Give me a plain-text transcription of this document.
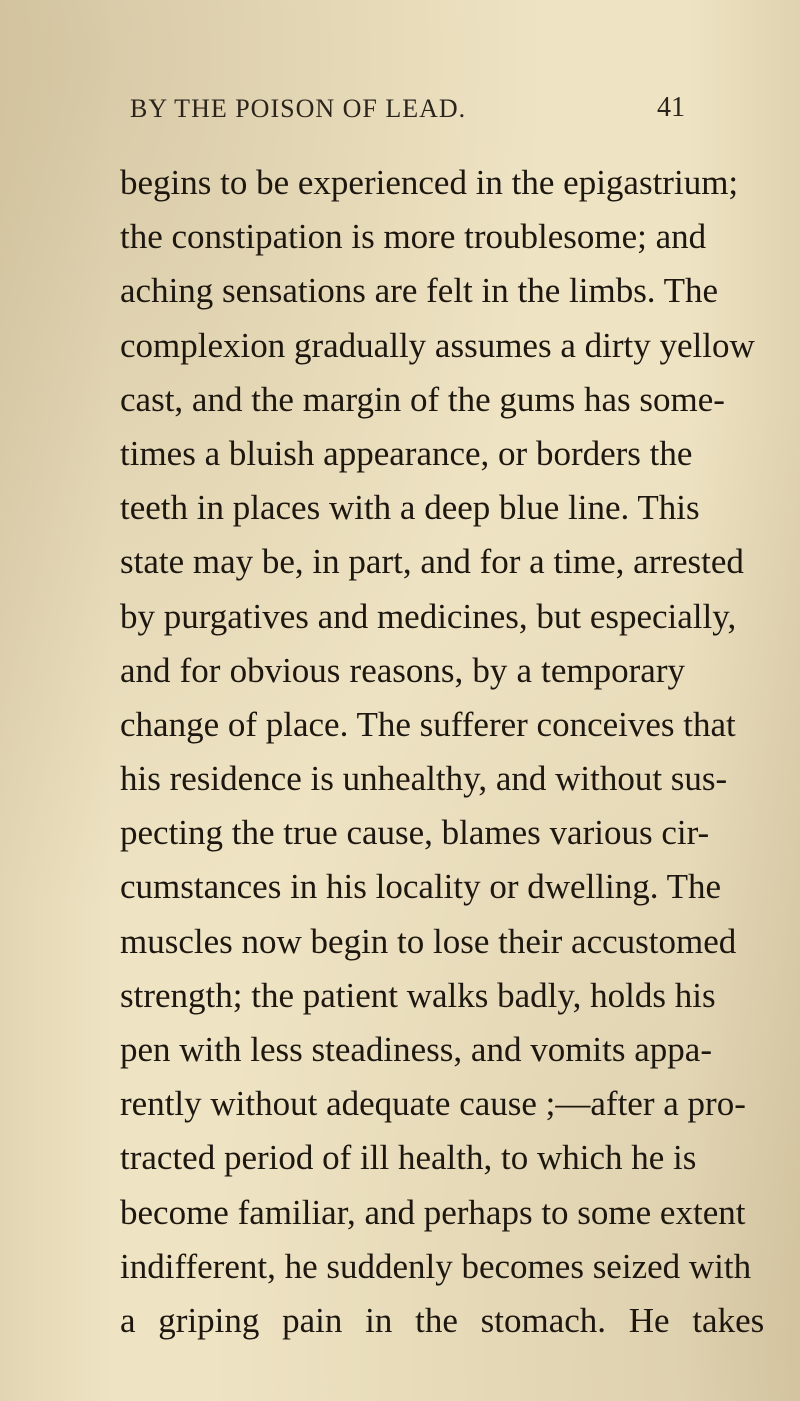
BY THE POISON OF LEAD.	41
begins to be experienced in the epigastrium;
the constipation is more troublesome; and
aching sensations are felt in the limbs. The
complexion gradually assumes a dirty yellow
cast, and the margin of the gums has some-
times a bluish appearance, or borders the
teeth in places with a deep blue line. This
state may be, in part, and for a time, arrested
by purgatives and medicines, but especially,
and for obvious reasons, by a temporary
change of place. The sufferer conceives that
his residence is unhealthy, and without sus-
pecting the true cause, blames various cir-
cumstances in his locality or dwelling. The
muscles now begin to lose their accustomed
strength; the patient walks badly, holds his
pen with less steadiness, and vomits appa-
rently without adequate cause ;—after a pro-
tracted period of ill health, to which he is
become familiar, and perhaps to some extent
indifferent, he suddenly becomes seized with
a griping pain in the stomach. He takes
